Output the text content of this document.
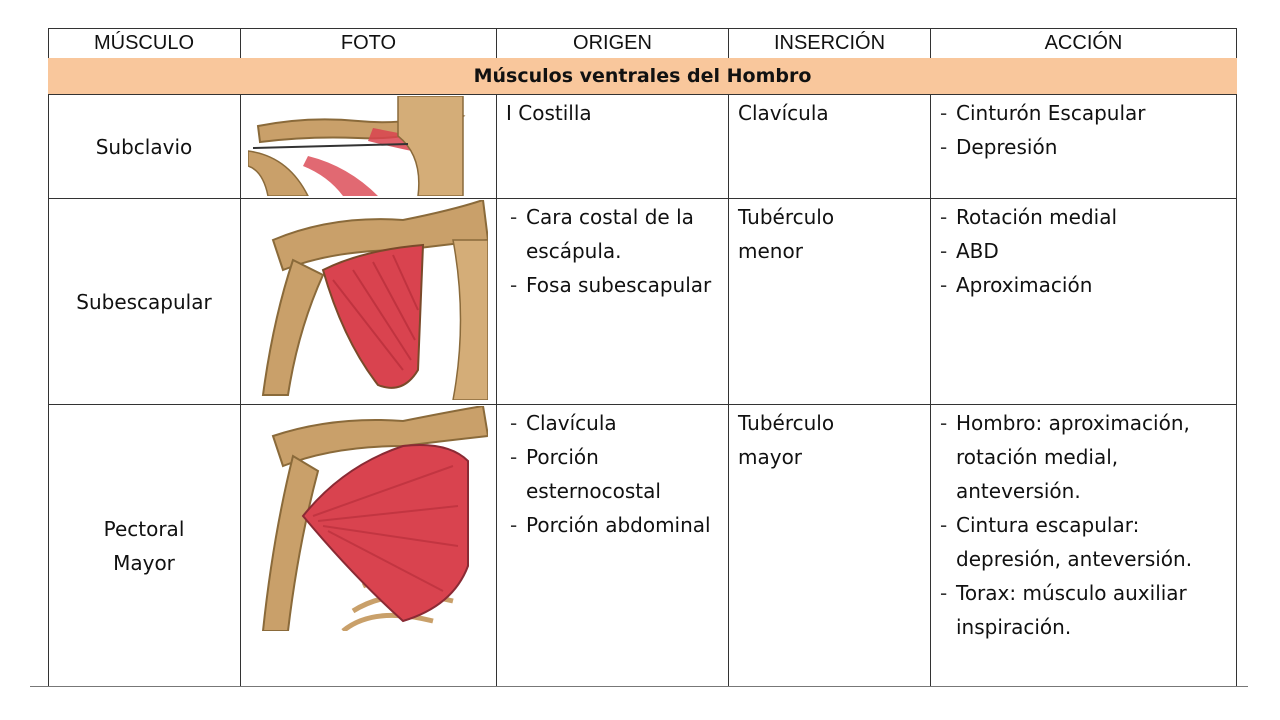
MÚSCULO	FOTO	ORIGEN	INSERCIÓN	ACCIÓN
Músculos ventrales del Hombro
Subclavio
I Costilla	Clavícula
-	Cinturón Escapular
- Depresión
Subescapular
- Cara costal de la escápula.
- Fosa subescapular
Tubérculo menor
- Rotación medial
- ABD
- Aproximación
Pectoral Mayor
- Clavícula
- Porción esternocostal
- Porción abdominal
Tubérculo mayor
- Hombro: aproximación, rotación medial, anteversión.
- Cintura escapular: depresión, anteversión.
- Torax: músculo auxiliar inspiración.
